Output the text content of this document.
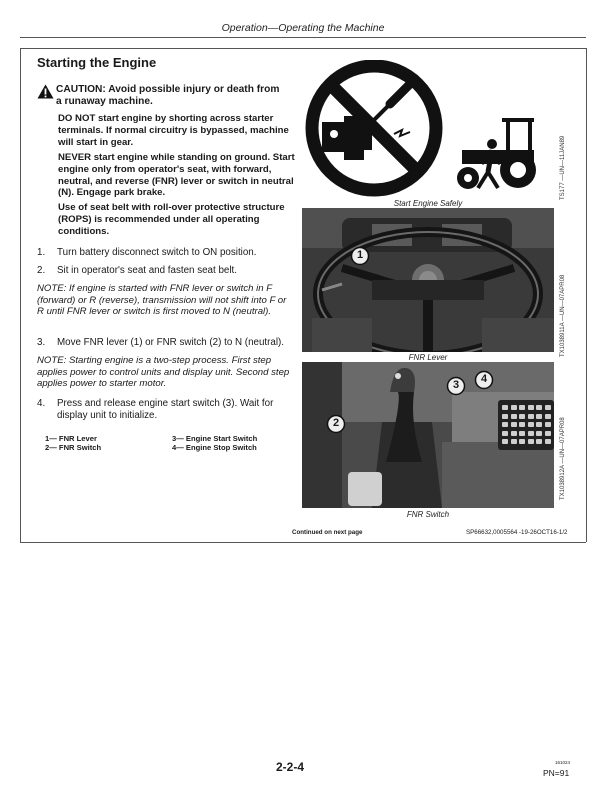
Operation—Operating the Machine
Starting the Engine
CAUTION: Avoid possible injury or death from a runaway machine.
DO NOT start engine by shorting across starter terminals. If normal circuitry is bypassed, machine will start in gear.
NEVER start engine while standing on ground. Start engine only from operator's seat, with forward, neutral, and reverse (FNR) lever or switch in neutral (N). Engage park brake.
Use of seat belt with roll-over protective structure (ROPS) is recommended under all operating conditions.
1. Turn battery disconnect switch to ON position.
2. Sit in operator's seat and fasten seat belt.
NOTE: If engine is started with FNR lever or switch in F (forward) or R (reverse), transmission will not shift into F or R until FNR lever or switch is first moved to N (neutral).
3. Move FNR lever (1) or FNR switch (2) to N (neutral).
NOTE: Starting engine is a two-step process. First step applies power to control units and display unit. Second step applies power to starter motor.
4. Press and release engine start switch (3). Wait for display unit to initialize.
1— FNR Lever
2— FNR Switch
3— Engine Start Switch
4— Engine Stop Switch
Start Engine Safely
TS177 —UN—11JAN89
1
FNR Lever
TX1038911A —UN—07APR08
2
3	4
FNR Switch
TX1038912A —UN—07APR08
Continued on next page	SP66632,0005564 -19-26OCT16-1/2
2-2-4	161024
PN=91
